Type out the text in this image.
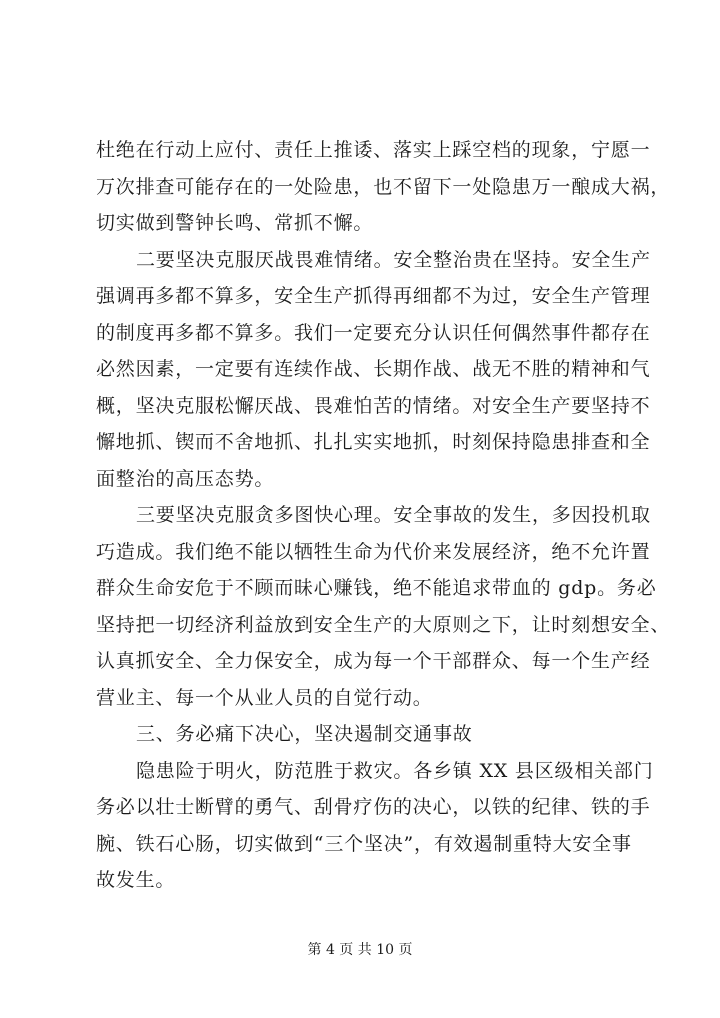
杜绝在行动上应付、责任上推诿、落实上踩空档的现象，宁愿一

万次排查可能存在的一处险患，也不留下一处隐患万一酿成大祸，

切实做到警钟长鸣、常抓不懈。

二要坚决克服厌战畏难情绪。安全整治贵在坚持。安全生产

强调再多都不算多，安全生产抓得再细都不为过，安全生产管理

的制度再多都不算多。我们一定要充分认识任何偶然事件都存在

必然因素，一定要有连续作战、长期作战、战无不胜的精神和气

概，坚决克服松懈厌战、畏难怕苦的情绪。对安全生产要坚持不

懈地抓、锲而不舍地抓、扎扎实实地抓，时刻保持隐患排查和全

面整治的高压态势。

三要坚决克服贪多图快心理。安全事故的发生，多因投机取

巧造成。我们绝不能以牺牲生命为代价来发展经济，绝不允许置

群众生命安危于不顾而昧心赚钱，绝不能追求带血的 gdp。务必

坚持把一切经济利益放到安全生产的大原则之下，让时刻想安全、

认真抓安全、全力保安全，成为每一个干部群众、每一个生产经

营业主、每一个从业人员的自觉行动。

三、务必痛下决心，坚决遏制交通事故

隐患险于明火，防范胜于救灾。各乡镇 XX 县区级相关部门

务必以壮士断臂的勇气、刮骨疗伤的决心，以铁的纪律、铁的手

腕、铁石心肠，切实做到“三个坚决”，有效遏制重特大安全事

故发生。

第 4 页 共 10 页
